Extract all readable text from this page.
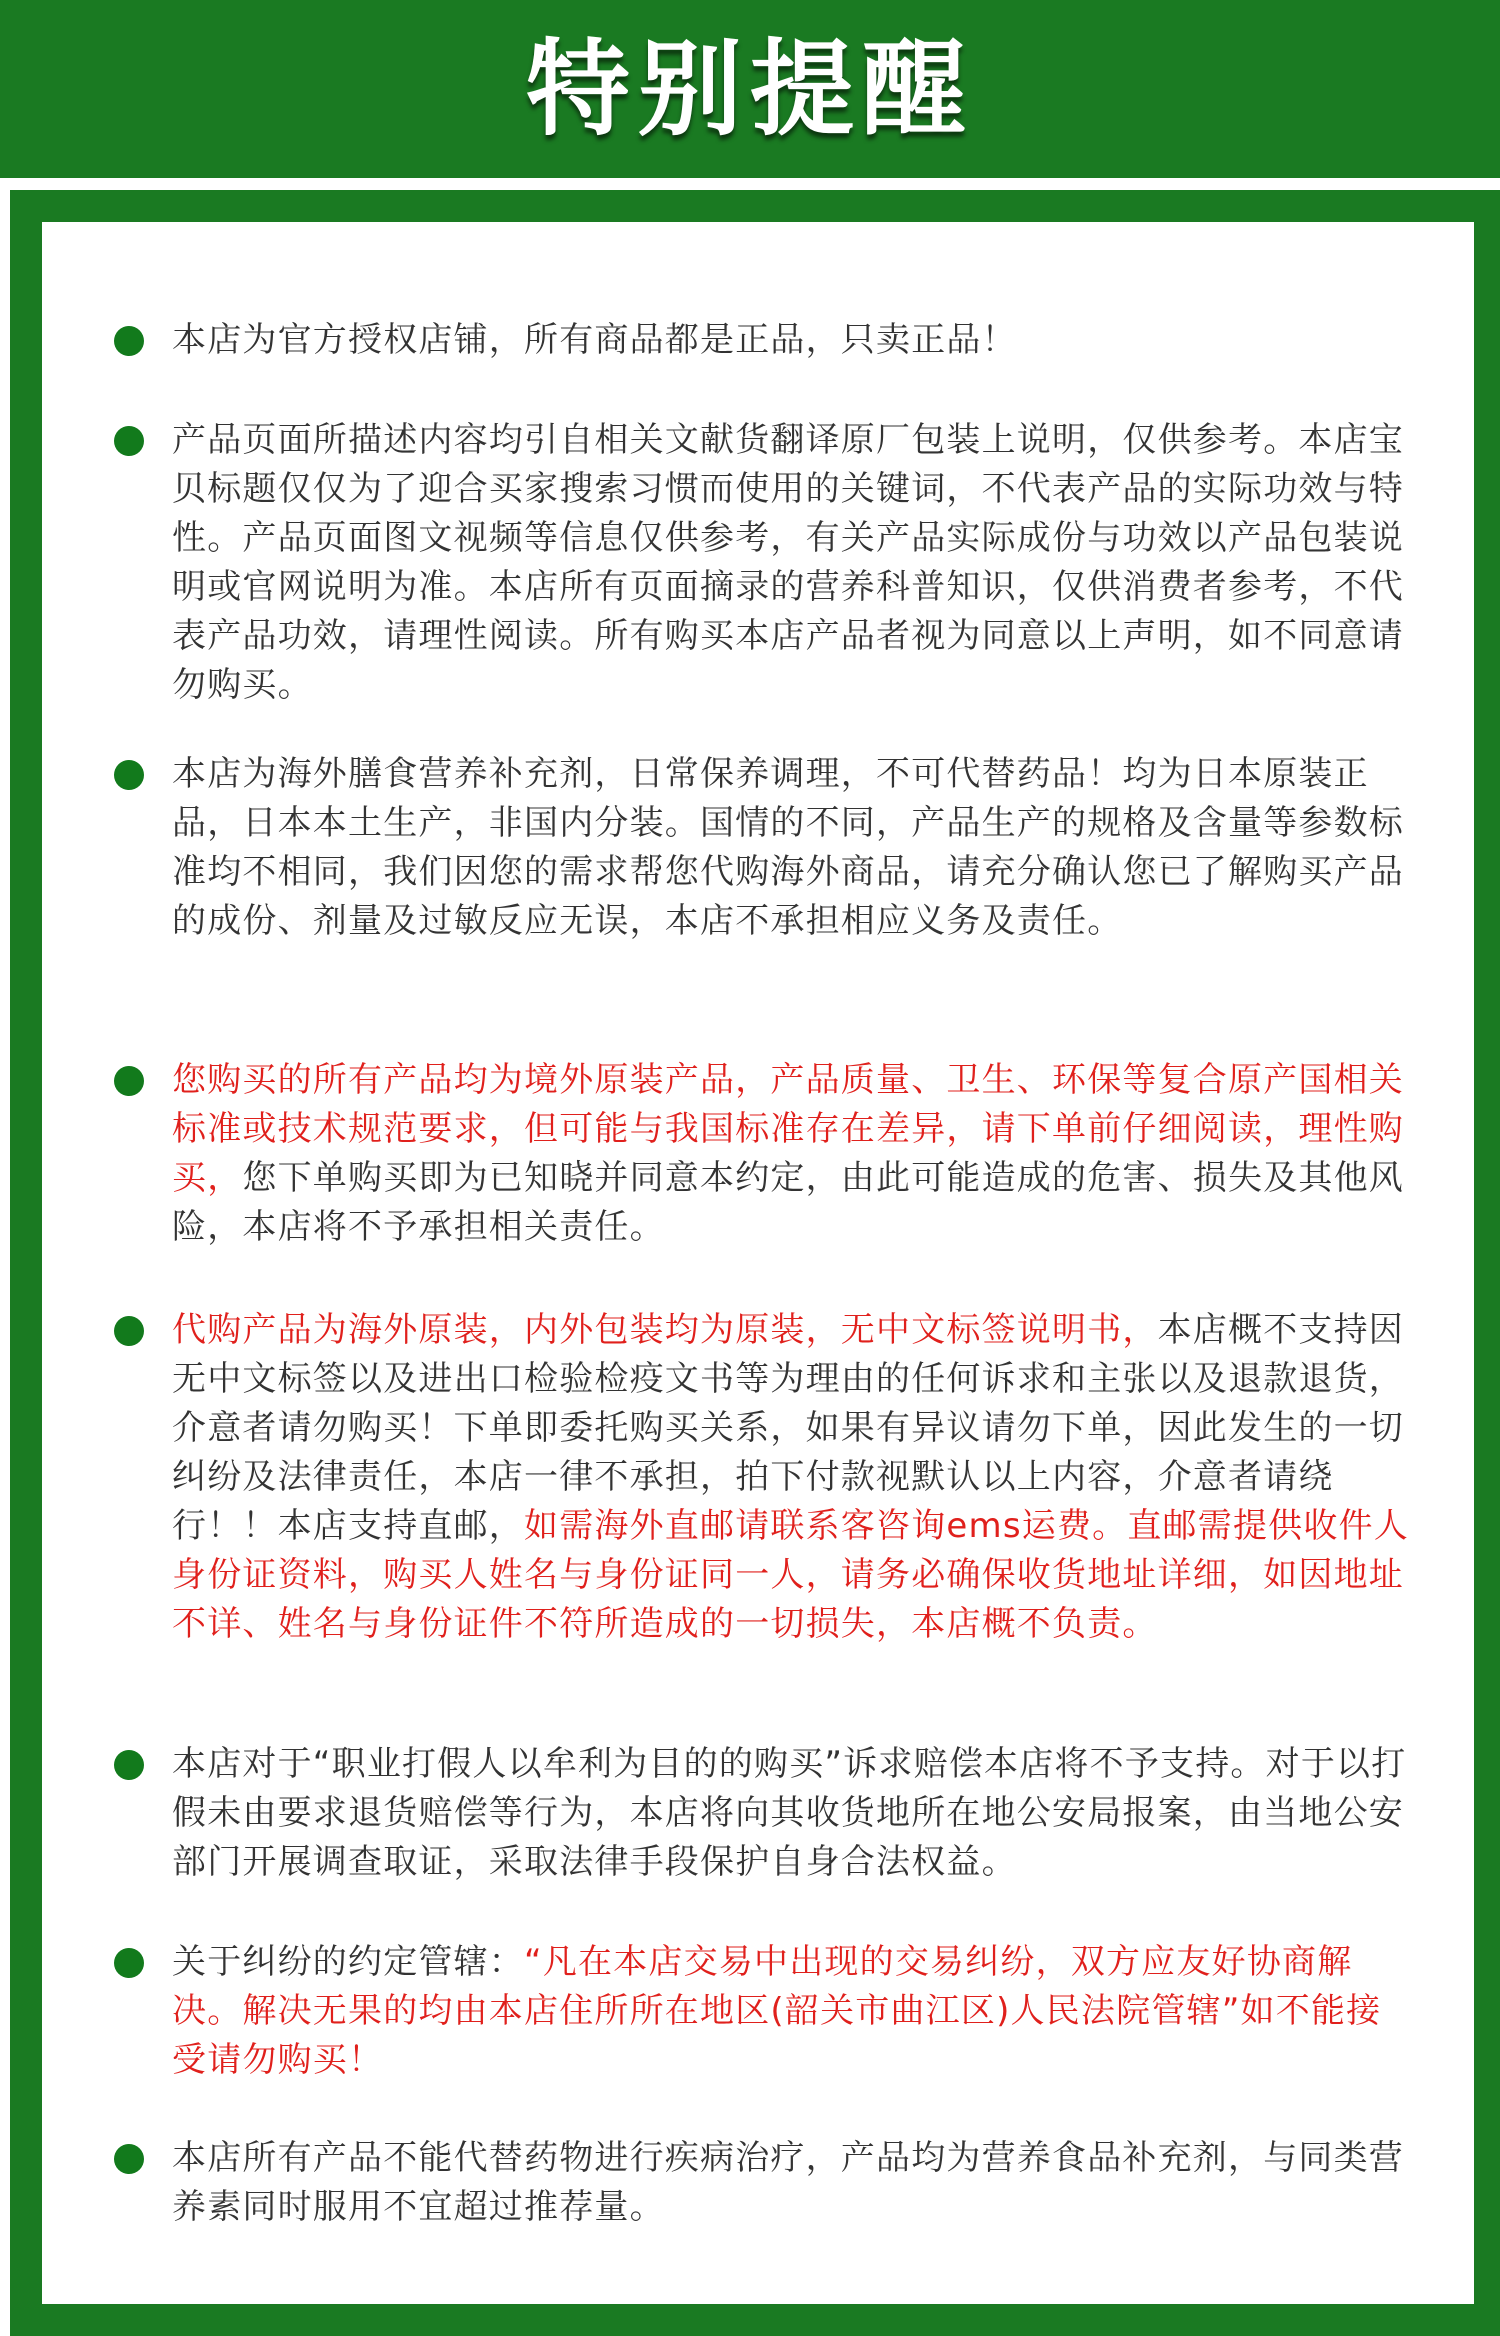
特别提醒
本店为官方授权店铺，所有商品都是正品，只卖正品！
产品页面所描述内容均引自相关文献货翻译原厂包装上说明，仅供参考。本店宝贝标题仅仅为了迎合买家搜索习惯而使用的关键词，不代表产品的实际功效与特性。产品页面图文视频等信息仅供参考，有关产品实际成份与功效以产品包装说明或官网说明为准。本店所有页面摘录的营养科普知识，仅供消费者参考，不代表产品功效，请理性阅读。所有购买本店产品者视为同意以上声明，如不同意请勿购买。
本店为海外膳食营养补充剂，日常保养调理，不可代替药品！均为日本原装正品，日本本土生产，非国内分装。国情的不同，产品生产的规格及含量等参数标准均不相同，我们因您的需求帮您代购海外商品，请充分确认您已了解购买产品的成份、剂量及过敏反应无误，本店不承担相应义务及责任。
您购买的所有产品均为境外原装产品，产品质量、卫生、环保等复合原产国相关标准或技术规范要求，但可能与我国标准存在差异，请下单前仔细阅读，理性购买，您下单购买即为已知晓并同意本约定，由此可能造成的危害、损失及其他风险，本店将不予承担相关责任。
代购产品为海外原装，内外包装均为原装，无中文标签说明书，本店概不支持因无中文标签以及进出口检验检疫文书等为理由的任何诉求和主张以及退款退货，介意者请勿购买！下单即委托购买关系，如果有异议请勿下单，因此发生的一切纠纷及法律责任，本店一律不承担，拍下付款视默认以上内容，介意者请绕行！！本店支持直邮，如需海外直邮请联系客咨询ems运费。直邮需提供收件人身份证资料，购买人姓名与身份证同一人，请务必确保收货地址详细，如因地址不详、姓名与身份证件不符所造成的一切损失，本店概不负责。
本店对于“职业打假人以牟利为目的的购买”诉求赔偿本店将不予支持。对于以打假未由要求退货赔偿等行为，本店将向其收货地所在地公安局报案，由当地公安部门开展调查取证，采取法律手段保护自身合法权益。
关于纠纷的约定管辖：“凡在本店交易中出现的交易纠纷，双方应友好协商解决。解决无果的均由本店住所所在地区(韶关市曲江区)人民法院管辖”如不能接受请勿购买！
本店所有产品不能代替药物进行疾病治疗，产品均为营养食品补充剂，与同类营养素同时服用不宜超过推荐量。
